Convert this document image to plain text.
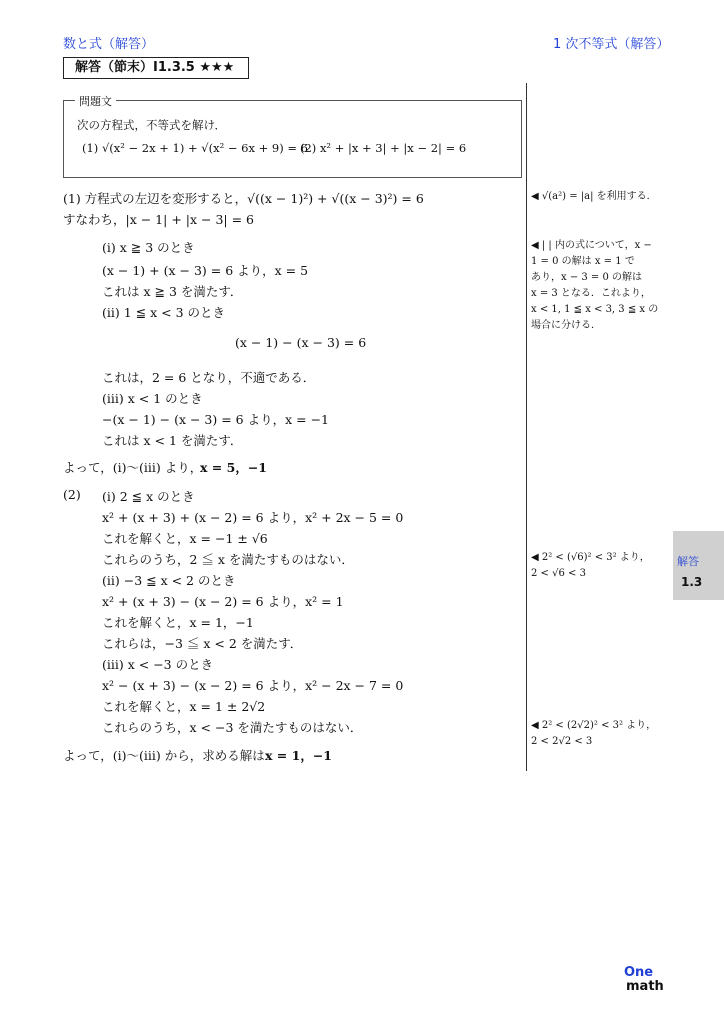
数と式（解答）	1 次不等式（解答）
解答（節末）I1.3.5 ★★★
問題文
次の方程式，不等式を解け．
(1) √(x² − 2x + 1) + √(x² − 6x + 9) = 6
(2) x² + |x + 3| + |x − 2| = 6
(1) 方程式の左辺を変形すると，√((x − 1)²) + √((x − 3)²) = 6
すなわち，|x − 1| + |x − 3| = 6
(i) x ≧ 3 のとき
(x − 1) + (x − 3) = 6 より，x = 5
これは x ≧ 3 を満たす．
(ii) 1 ≦ x < 3 のとき
(x − 1) − (x − 3) = 6
これは，2 = 6 となり，不適である．
(iii) x < 1 のとき
−(x − 1) − (x − 3) = 6 より，x = −1
これは x < 1 を満たす．
よって，(i)〜(iii) より，
x = 5，−1
(2) (i) 2 ≦ x のとき
x² + (x + 3) + (x − 2) = 6 より，x² + 2x − 5 = 0
これを解くと，x = −1 ± √6
これらのうち，2 ≦ x を満たすものはない．
(ii) −3 ≦ x < 2 のとき
x² + (x + 3) − (x − 2) = 6 より，x² = 1
これを解くと，x = 1，−1
これらは，−3 ≦ x < 2 を満たす．
(iii) x < −3 のとき
x² − (x + 3) − (x − 2) = 6 より，x² − 2x − 7 = 0
これを解くと，x = 1 ± 2√2
これらのうち，x < −3 を満たすものはない．
よって，(i)〜(iii) から，求める解は x = 1，−1
◀ √(a²) = |a| を利用する．
◀ | | 内の式について，x −
1 = 0 の解は x = 1 で
あり，x − 3 = 0 の解は
x = 3 となる．これより，
x < 1, 1 ≦ x < 3, 3 ≦ x の
場合に分ける．
◀ 2² < (√6)² < 3² より，
2 < √6 < 3
◀ 2² < (2√2)² < 3² より，
2 < 2√2 < 3
解答
1.3
One
math
